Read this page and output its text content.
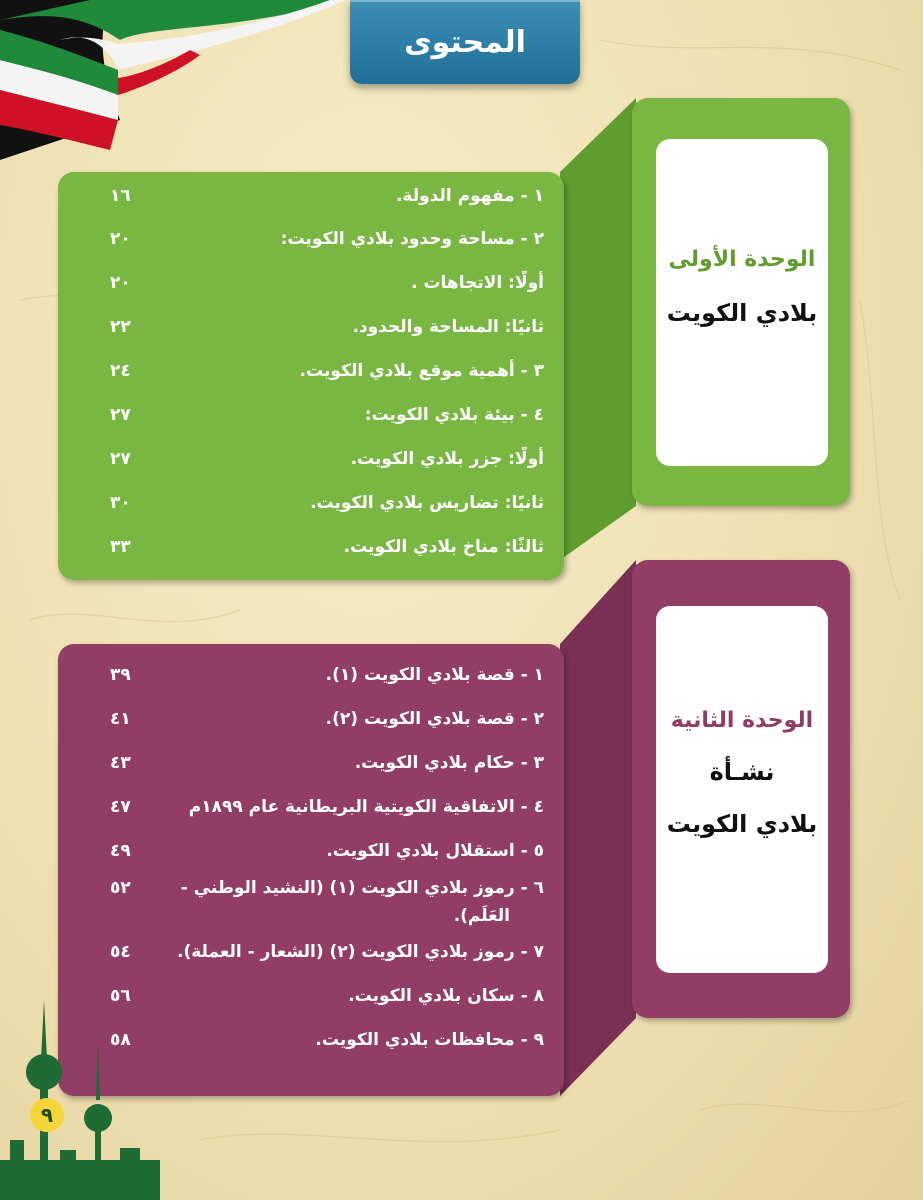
المحتوى
الوحدة الأولى
بلادي الكويت
١ - مفهوم الدولة.
١٦
٢ - مساحة وحدود بلادي الكويت:
٢٠
أولًا: الاتجاهات .
٢٠
ثانيًا: المساحة والحدود.
٢٢
٣ - أهمية موقع بلادي الكويت.
٢٤
٤ - بيئة بلادي الكويت:
٢٧
أولًا: جزر بلادي الكويت.
٢٧
ثانيًا: تضاريس بلادي الكويت.
٣٠
ثالثًا: مناخ بلادي الكويت.
٣٣
الوحدة الثانية
نشـأة
بلادي الكويت
١ - قصة بلادي الكويت (١).
٣٩
٢ - قصة بلادي الكويت (٢).
٤١
٣ - حكام بلادي الكويت.
٤٣
٤ - الاتفاقية الكويتية البريطانية عام ١٨٩٩م
٤٧
٥ - استقلال بلادي الكويت.
٤٩
٦ - رموز بلادي الكويت (١) (النشيد الوطني -
العَلَم).
٥٢
٧ - رموز بلادي الكويت (٢) (الشعار - العملة).
٥٤
٨ - سكان بلادي الكويت.
٥٦
٩ - محافظات بلادي الكويت.
٥٨
٩
